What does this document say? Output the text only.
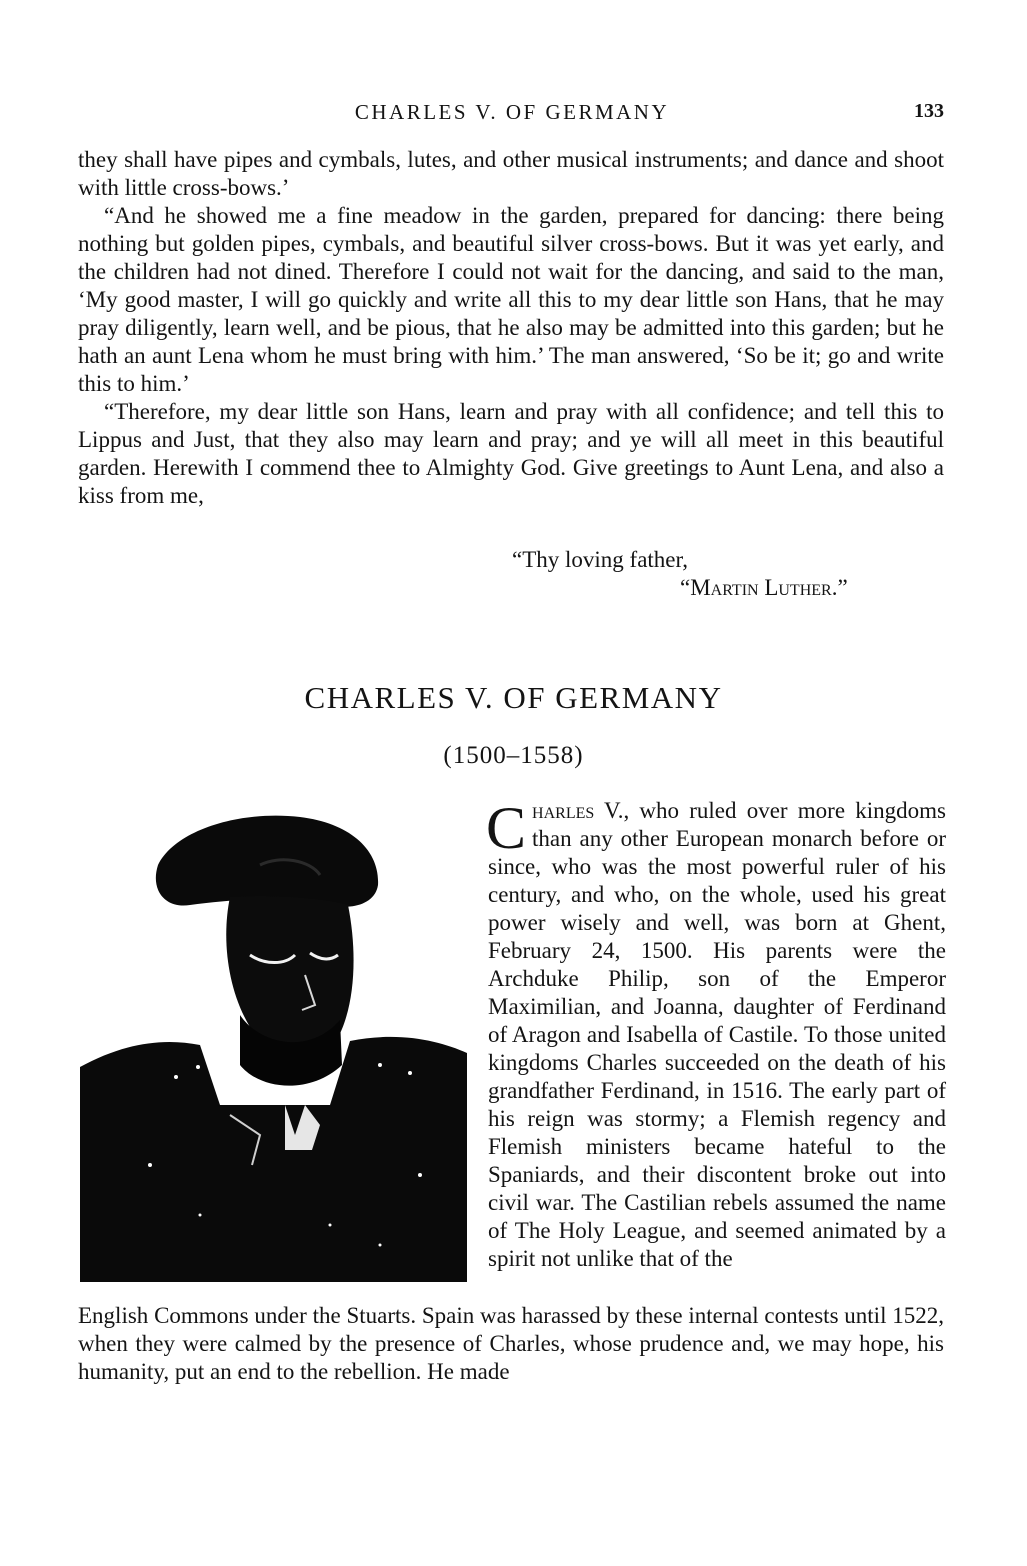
CHARLES V. OF GERMANY	133

they shall have pipes and cymbals, lutes, and other musical instruments; and dance and shoot with little cross-bows.’

“And he showed me a fine meadow in the garden, prepared for dancing: there being nothing but golden pipes, cymbals, and beautiful silver cross-bows. But it was yet early, and the children had not dined. Therefore I could not wait for the dancing, and said to the man, ‘My good master, I will go quickly and write all this to my dear little son Hans, that he may pray diligently, learn well, and be pious, that he also may be admitted into this garden; but he hath an aunt Lena whom he must bring with him.’ The man answered, ‘So be it; go and write this to him.’

“Therefore, my dear little son Hans, learn and pray with all confidence; and tell this to Lippus and Just, that they also may learn and pray; and ye will all meet in this beautiful garden. Herewith I commend thee to Almighty God. Give greetings to Aunt Lena, and also a kiss from me,

“Thy loving father,
“Martin Luther.”
CHARLES V. OF GERMANY
(1500–1558)

Charles V., who ruled over more kingdoms than any other European monarch before or since, who was the most powerful ruler of his century, and who, on the whole, used his great power wisely and well, was born at Ghent, February 24, 1500. His parents were the Archduke Philip, son of the Emperor Maximilian, and Joanna, daughter of Ferdinand of Aragon and Isabella of Castile. To those united kingdoms Charles succeeded on the death of his grandfather Ferdinand, in 1516. The early part of his reign was stormy; a Flemish regency and Flemish ministers became hateful to the Spaniards, and their discontent broke out into civil war. The Castilian rebels assumed the name of The Holy League, and seemed animated by a spirit not unlike that of the

English Commons under the Stuarts. Spain was harassed by these internal contests until 1522, when they were calmed by the presence of Charles, whose prudence and, we may hope, his humanity, put an end to the rebellion. He made
